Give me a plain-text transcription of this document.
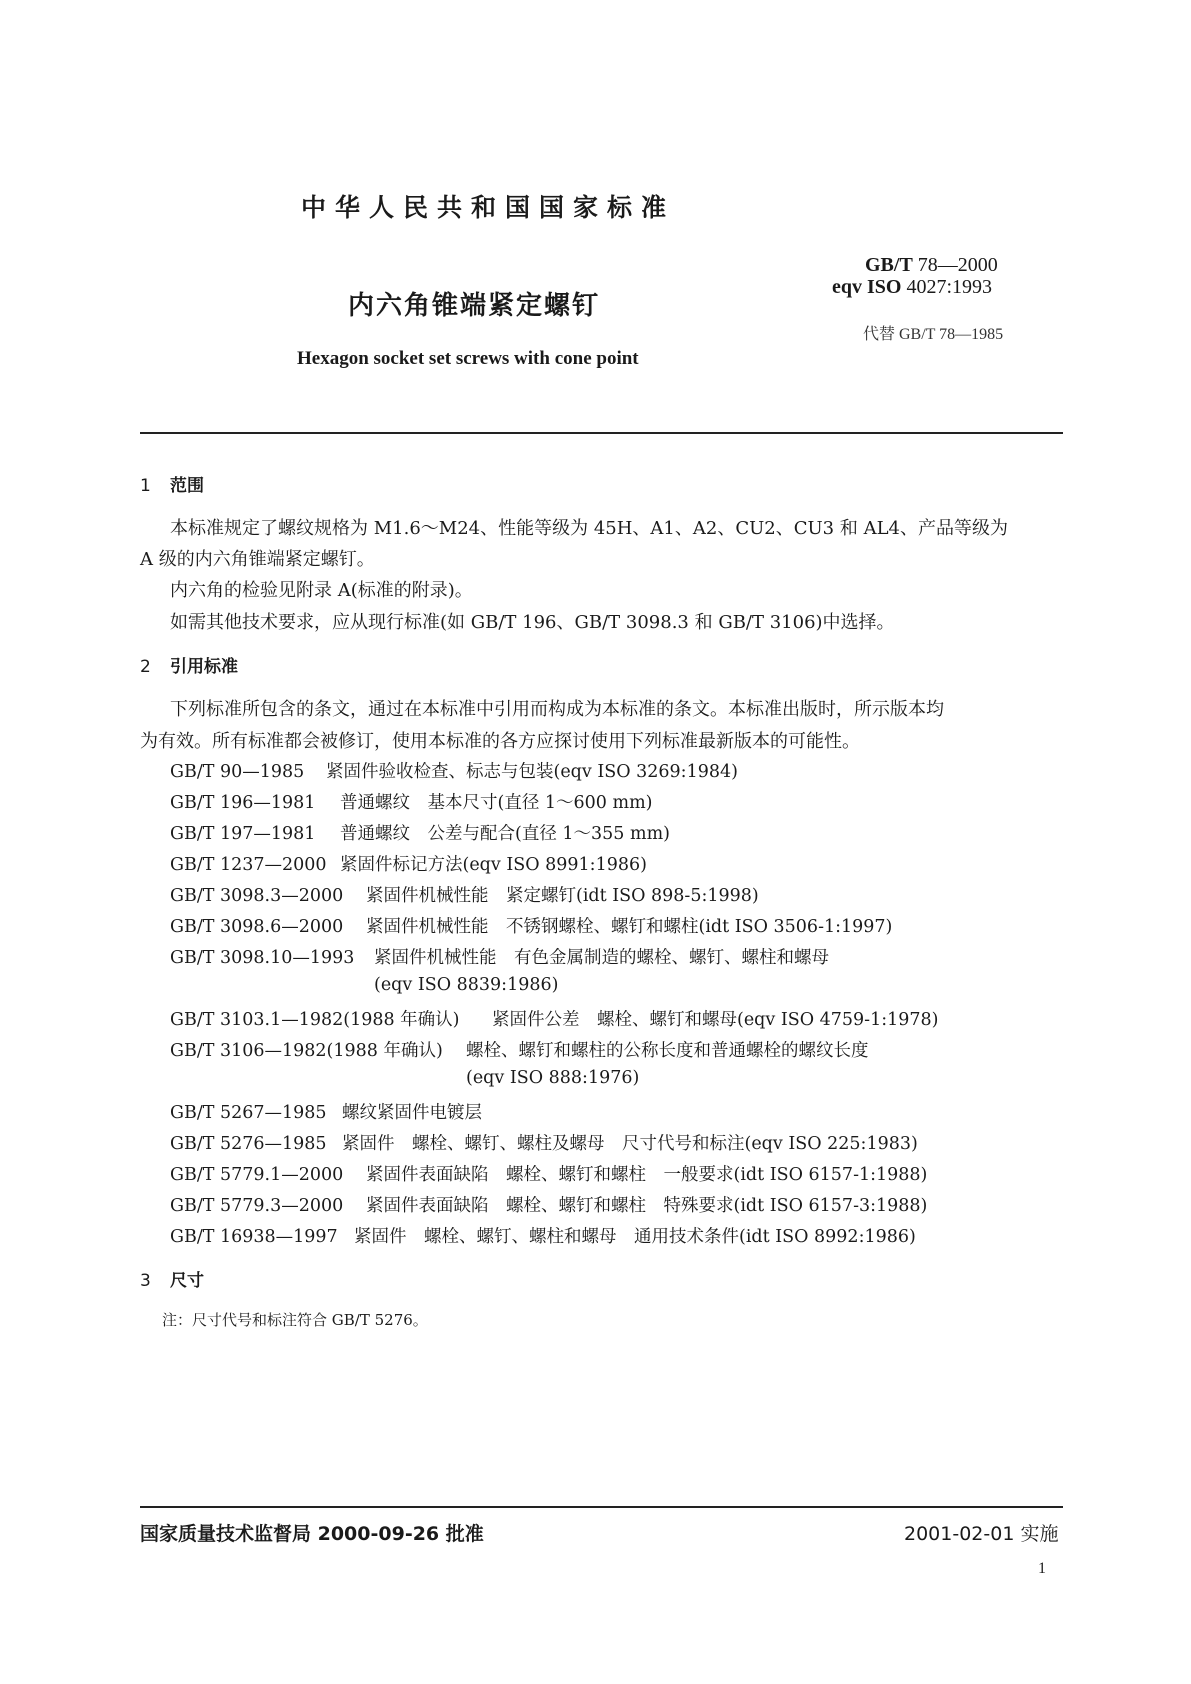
中华人民共和国国家标准
内六角锥端紧定螺钉
Hexagon socket set screws with cone point
GB/T 78—2000
eqv ISO 4027:1993
代替 GB/T 78—1985
1 范围
本标准规定了螺纹规格为 M1.6～M24、性能等级为 45H、A1、A2、CU2、CU3 和 AL4、产品等级为
A 级的内六角锥端紧定螺钉。
内六角的检验见附录 A(标准的附录)。
如需其他技术要求，应从现行标准(如 GB/T 196、GB/T 3098.3 和 GB/T 3106)中选择。
2 引用标准
下列标准所包含的条文，通过在本标准中引用而构成为本标准的条文。本标准出版时，所示版本均
为有效。所有标准都会被修订，使用本标准的各方应探讨使用下列标准最新版本的可能性。
GB/T 90—1985 紧固件验收检查、标志与包装(eqv ISO 3269:1984)
GB/T 196—1981 普通螺纹　基本尺寸(直径 1～600 mm)
GB/T 197—1981 普通螺纹　公差与配合(直径 1～355 mm)
GB/T 1237—2000 紧固件标记方法(eqv ISO 8991:1986)
GB/T 3098.3—2000 紧固件机械性能　紧定螺钉(idt ISO 898-5:1998)
GB/T 3098.6—2000 紧固件机械性能　不锈钢螺栓、螺钉和螺柱(idt ISO 3506-1:1997)
GB/T 3098.10—1993 紧固件机械性能　有色金属制造的螺栓、螺钉、螺柱和螺母
(eqv ISO 8839:1986)
GB/T 3103.1—1982(1988 年确认) 紧固件公差　螺栓、螺钉和螺母(eqv ISO 4759-1:1978)
GB/T 3106—1982(1988 年确认) 螺栓、螺钉和螺柱的公称长度和普通螺栓的螺纹长度
(eqv ISO 888:1976)
GB/T 5267—1985 螺纹紧固件电镀层
GB/T 5276—1985 紧固件　螺栓、螺钉、螺柱及螺母　尺寸代号和标注(eqv ISO 225:1983)
GB/T 5779.1—2000 紧固件表面缺陷　螺栓、螺钉和螺柱　一般要求(idt ISO 6157-1:1988)
GB/T 5779.3—2000 紧固件表面缺陷　螺栓、螺钉和螺柱　特殊要求(idt ISO 6157-3:1988)
GB/T 16938—1997 紧固件　螺栓、螺钉、螺柱和螺母　通用技术条件(idt ISO 8992:1986)
3 尺寸
注：尺寸代号和标注符合 GB/T 5276。
国家质量技术监督局 2000-09-26 批准	2001-02-01 实施
1
